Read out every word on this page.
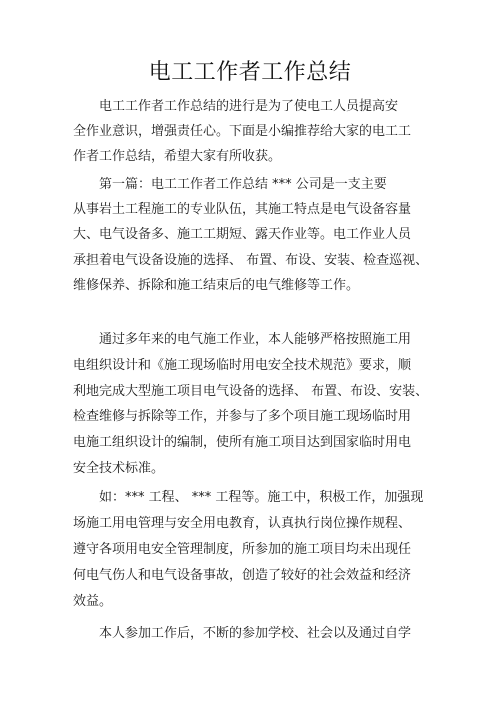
电工工作者工作总结
电工工作者工作总结的进行是为了使电工人员提高安
全作业意识，增强责任心。下面是小编推荐给大家的电工工
作者工作总结，希望大家有所收获。
第一篇：电工工作者工作总结 *** 公司是一支主要
从事岩土工程施工的专业队伍，其施工特点是电气设备容量
大、电气设备多、施工工期短、露天作业等。电工作业人员
承担着电气设备设施的选择、 布置、布设、安装、检查巡视、
维修保养、拆除和施工结束后的电气维修等工作。
通过多年来的电气施工作业，本人能够严格按照施工用
电组织设计和《施工现场临时用电安全技术规范》要求，顺
利地完成大型施工项目电气设备的选择、 布置、布设、安装、
检查维修与拆除等工作，并参与了多个项目施工现场临时用
电施工组织设计的编制，使所有施工项目达到国家临时用电
安全技术标准。
如：*** 工程、 *** 工程等。施工中，积极工作，加强现
场施工用电管理与安全用电教育，认真执行岗位操作规程、
遵守各项用电安全管理制度，所参加的施工项目均未出现任
何电气伤人和电气设备事故，创造了较好的社会效益和经济
效益。
本人参加工作后，不断的参加学校、社会以及通过自学
